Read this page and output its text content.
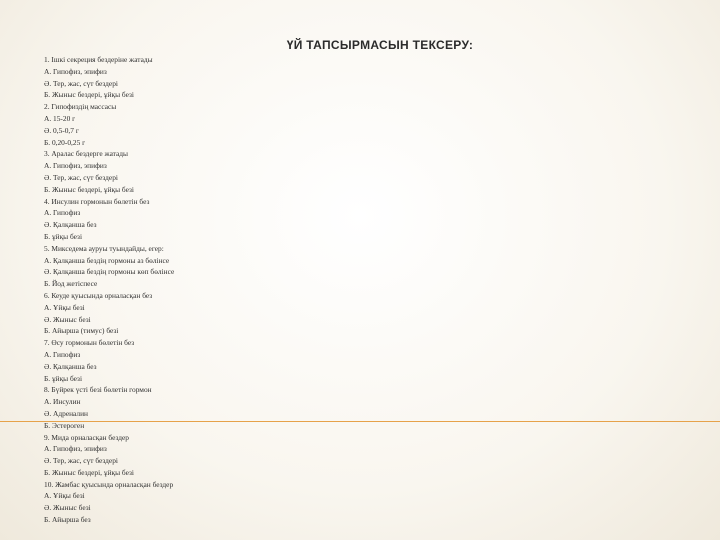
ҮЙ ТАПСЫРМАСЫН ТЕКСЕРУ:
1. Ішкі секреция бездеріне жатады
А. Гипофиз, эпифиз
Ә. Тер, жас, сүт бездері
Б. Жыныс бездері, ұйқы безі
2. Гипофиздің массасы
А. 15-20 г
Ә. 0,5-0,7 г
Б. 0,20-0,25 г
3. Аралас бездерге жатады
А. Гипофиз, эпифиз
Ә. Тер, жас, сүт бездері
Б. Жыныс бездері, ұйқы безі
4. Инсулин гормонын бөлетін без
А. Гипофиз
Ә. Қалқанша без
Б. ұйқы безі
5. Микседема ауруы туындайды, егер:
А. Қалқанша бездің гормоны аз бөлінсе
Ә. Қалқанша бездің гормоны көп бөлінсе
Б. Йод жетіспесе
6. Кеуде қуысында орналасқан без
А. Ұйқы безі
Ә. Жыныс безі
Б. Айырша (тимус) безі
7. Өсу гормонын бөлетін без
А. Гипофиз
Ә. Қалқанша без
Б. ұйқы безі
8. Бүйрек үсті безі бөлетін гормон
А. Инсулин
Ә. Адреналин
Б. Эстероген
9. Мида орналасқан бездер
А. Гипофиз, эпифиз
Ә. Тер, жас, сүт бездері
Б. Жыныс бездері, ұйқы безі
10. Жамбас қуысында орналасқан бездер
А. Ұйқы безі
Ә. Жыныс безі
Б. Айырша без
